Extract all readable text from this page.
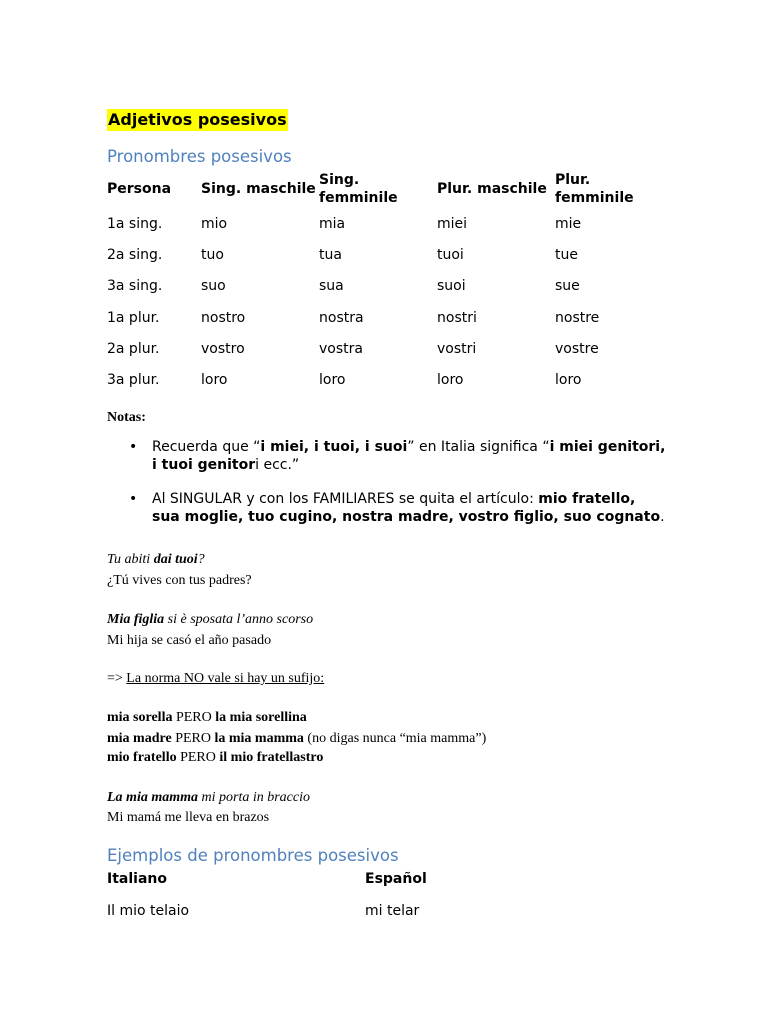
Adjetivos posesivos
Pronombres posesivos
Persona	Sing. maschile	Sing. femminile	Plur. maschile	Plur. femminile
1a sing.	mio	mia	miei	mie
2a sing.	tuo	tua	tuoi	tue
3a sing.	suo	sua	suoi	sue
1a plur.	nostro	nostra	nostri	nostre
2a plur.	vostro	vostra	vostri	vostre
3a plur.	loro	loro	loro	loro
Notas:
• Recuerda que “i miei, i tuoi, i suoi” en Italia significa “i miei genitori, i tuoi genitori ecc.”
• Al SINGULAR y con los FAMILIARES se quita el artículo: mio fratello, sua moglie, tuo cugino, nostra madre, vostro figlio, suo cognato.
Tu abiti dai tuoi?
¿Tú vives con tus padres?
Mia figlia si è sposata l’anno scorso
Mi hija se casó el año pasado
=> La norma NO vale si hay un sufijo:
mia sorella PERO la mia sorellina
mia madre PERO la mia mamma (no digas nunca “mia mamma”)
mio fratello PERO il mio fratellastro
La mia mamma mi porta in braccio
Mi mamá me lleva en brazos
Ejemplos de pronombres posesivos
Italiano	Español
Il mio telaio	mi telar
